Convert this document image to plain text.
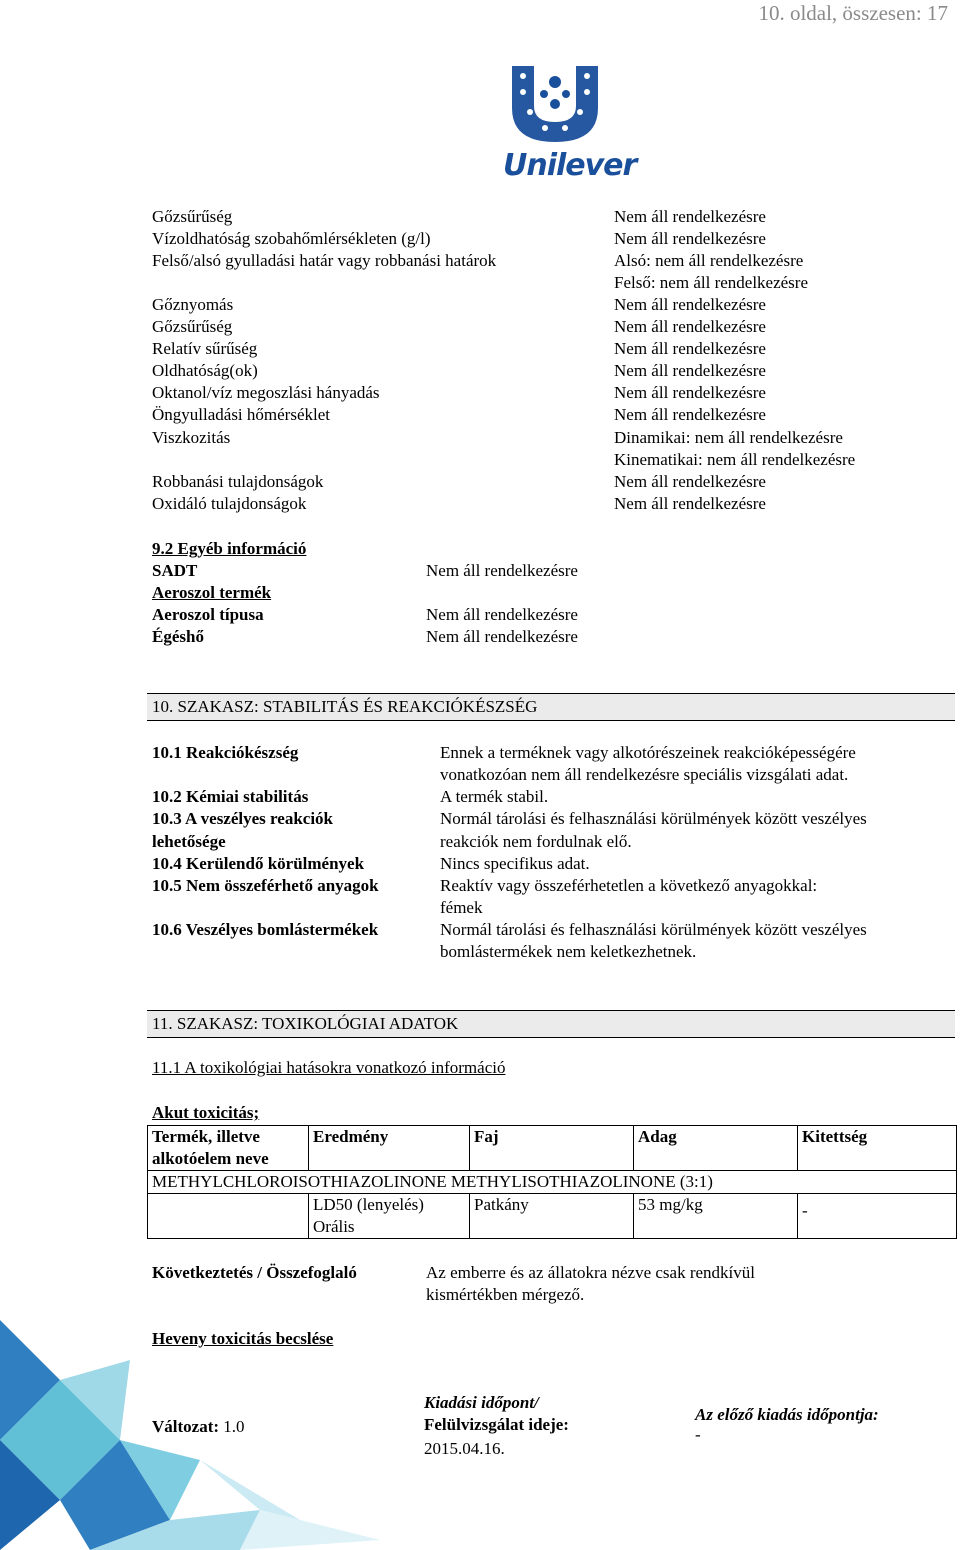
10. oldal, összesen: 17
Unilever
Gőzsűrűség	Nem áll rendelkezésre
Vízoldhatóság szobahőmlérsékleten (g/l)	Nem áll rendelkezésre
Felső/alsó gyulladási határ vagy robbanási határok	Alsó: nem áll rendelkezésre
Felső: nem áll rendelkezésre
Gőznyomás	Nem áll rendelkezésre
Gőzsűrűség	Nem áll rendelkezésre
Relatív sűrűség	Nem áll rendelkezésre
Oldhatóság(ok)	Nem áll rendelkezésre
Oktanol/víz megoszlási hányadás	Nem áll rendelkezésre
Öngyulladási hőmérséklet	Nem áll rendelkezésre
Viszkozitás	Dinamikai: nem áll rendelkezésre
Kinematikai: nem áll rendelkezésre
Robbanási tulajdonságok	Nem áll rendelkezésre
Oxidáló tulajdonságok	Nem áll rendelkezésre
9.2 Egyéb információ
SADT	Nem áll rendelkezésre
Aeroszol termék
Aeroszol típusa	Nem áll rendelkezésre
Égéshő	Nem áll rendelkezésre
10. SZAKASZ: STABILITÁS ÉS REAKCIÓKÉSZSÉG
10.1 Reakciókészség	Ennek a terméknek vagy alkotórészeinek reakcióképességére
vonatkozóan nem áll rendelkezésre speciális vizsgálati adat.
10.2 Kémiai stabilitás	A termék stabil.
10.3 A veszélyes reakciók
lehetősége
Normál tárolási és felhasználási körülmények között veszélyes
reakciók nem fordulnak elő.
10.4 Kerülendő körülmények	Nincs specifikus adat.
10.5 Nem összeférhető anyagok	Reaktív vagy összeférhetetlen a következő anyagokkal:
fémek
10.6 Veszélyes bomlástermékek	Normál tárolási és felhasználási körülmények között veszélyes
bomlástermékek nem keletkezhetnek.
11. SZAKASZ: TOXIKOLÓGIAI ADATOK
11.1 A toxikológiai hatásokra vonatkozó információ
Akut toxicitás;
Termék, illetve
alkotóelem neve	Eredmény	Faj	Adag	Kitettség
METHYLCHLOROISOTHIAZOLINONE METHYLISOTHIAZOLINONE (3:1)				

	LD50 (lenyelés)
Orális	Patkány	53 mg/kg	-
Következtetés / Összefoglaló	Az emberre és az állatokra nézve csak rendkívül
kismértékben mérgező.
Heveny toxicitás becslése
Változat: 1.0
Kiadási időpont/
Felülvizsgálat ideje:
2015.04.16.
Az előző kiadás időpontja:
-
